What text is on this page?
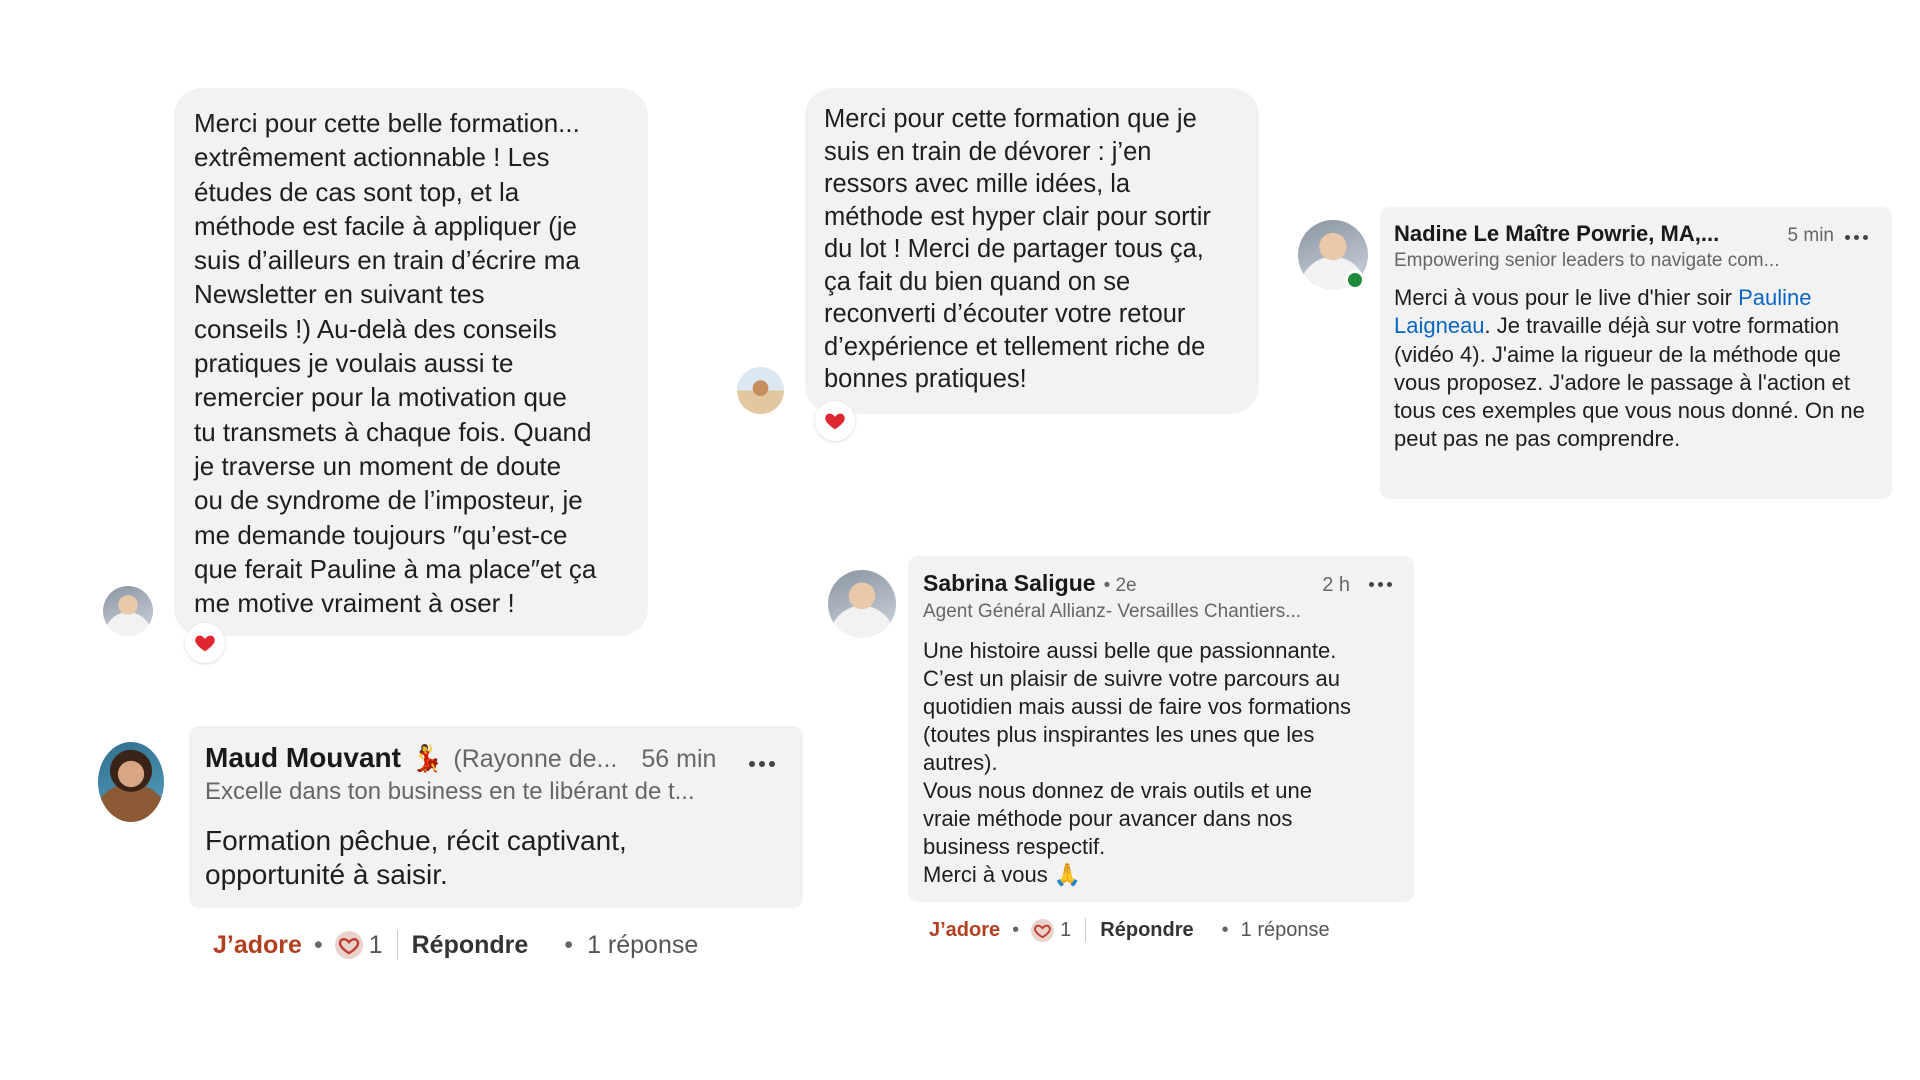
Merci pour cette belle formation...
extrêmement actionnable ! Les
études de cas sont top, et la
méthode est facile à appliquer (je
suis d’ailleurs en train d’écrire ma
Newsletter en suivant tes
conseils !) Au-delà des conseils
pratiques je voulais aussi te
remercier pour la motivation que
tu transmets à chaque fois. Quand
je traverse un moment de doute
ou de syndrome de l’imposteur, je
me demande toujours ″qu’est-ce
que ferait Pauline à ma place″et ça
me motive vraiment à oser !
Merci pour cette formation que je
suis en train de dévorer : j’en
ressors avec mille idées, la
méthode est hyper clair pour sortir
du lot ! Merci de partager tous ça,
ça fait du bien quand on se
reconverti d’écouter votre retour
d’expérience et tellement riche de
bonnes pratiques!
Nadine Le Maître Powrie, MA,...	5 min
Empowering senior leaders to navigate com...
Merci à vous pour le live d'hier soir Pauline Laigneau. Je travaille déjà sur votre formation (vidéo 4). J'aime la rigueur de la méthode que vous proposez. J'adore le passage à l'action et tous ces exemples que vous nous donné. On ne peut pas ne pas comprendre.
Maud Mouvant 💃 (Rayonne de... 56 min
Excelle dans ton business en te libérant de t...
Formation pêchue, récit captivant,
opportunité à saisir.
J’adore • 1 Répondre • 1 réponse
Sabrina Saligue • 2e	2 h
Agent Général Allianz- Versailles Chantiers...
Une histoire aussi belle que passionnante.
C’est un plaisir de suivre votre parcours au
quotidien mais aussi de faire vos formations
(toutes plus inspirantes les unes que les
autres).
Vous nous donnez de vrais outils et une
vraie méthode pour avancer dans nos
business respectif.
Merci à vous 🙏
J’adore • 1 Répondre • 1 réponse
